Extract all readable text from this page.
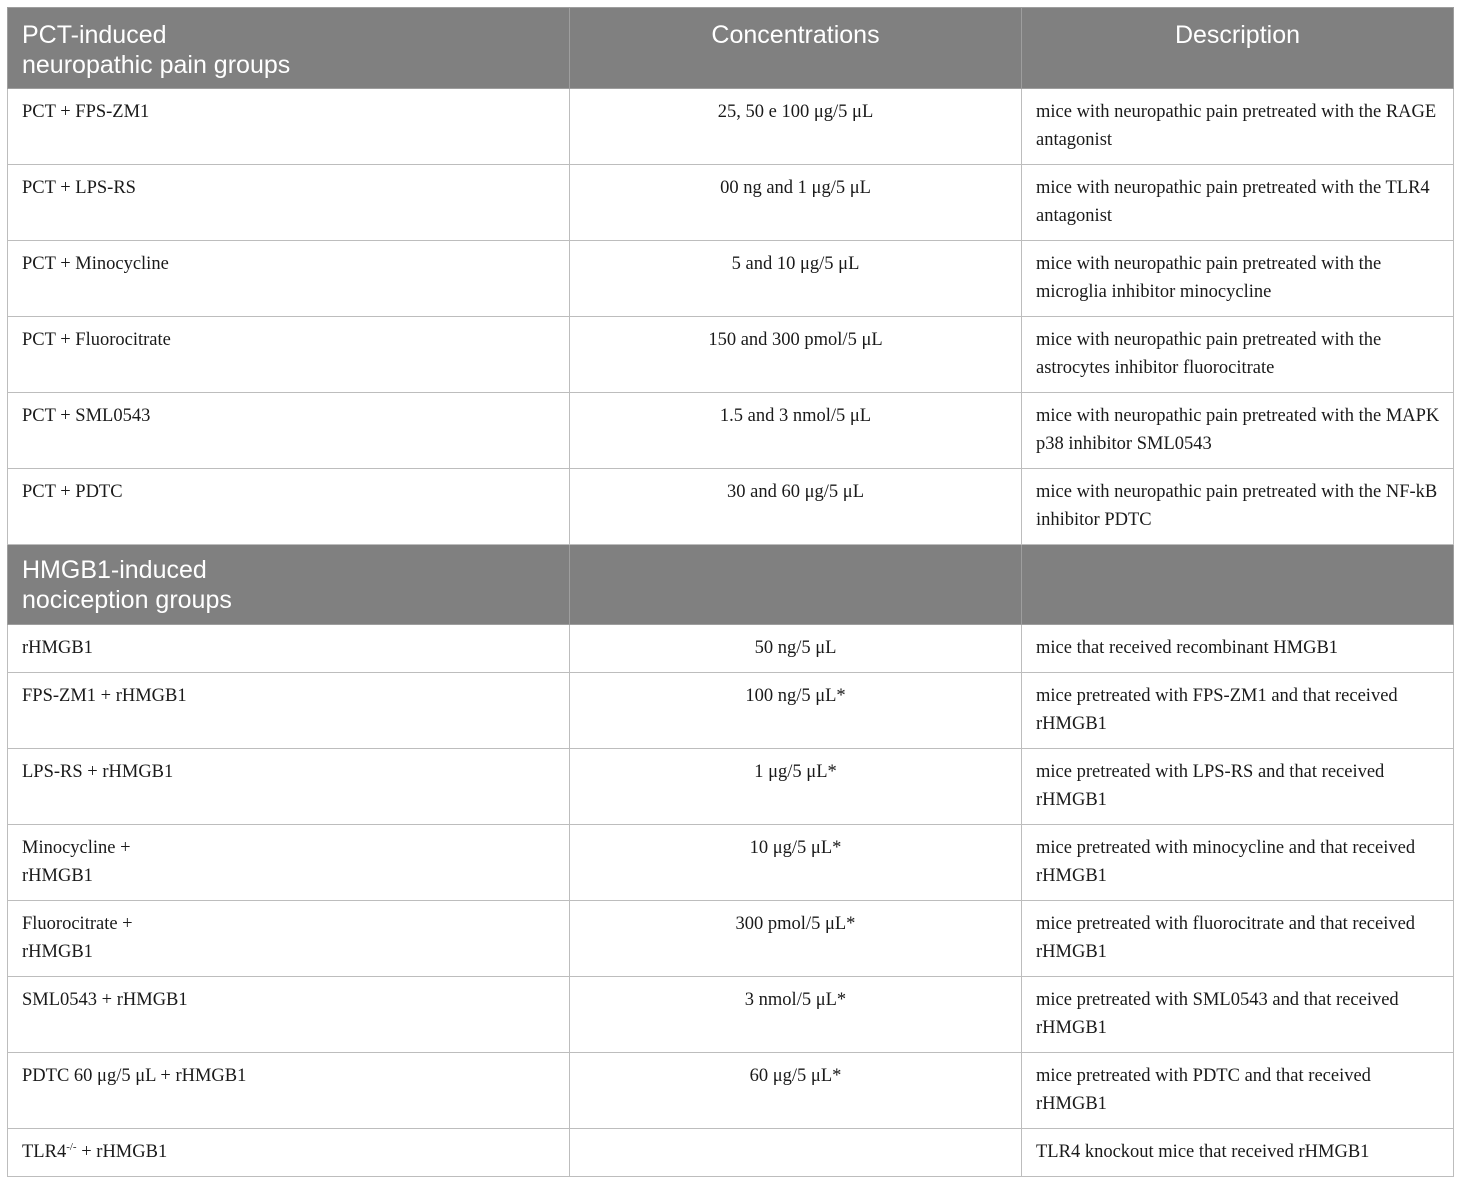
PCT-induced
neuropathic pain groups	Concentrations	Description
PCT + FPS-ZM1	25, 50 e 100 μg/5 μL	mice with neuropathic pain pretreated with the RAGE antagonist
PCT + LPS-RS	00 ng and 1 μg/5 μL	mice with neuropathic pain pretreated with the TLR4 antagonist
PCT + Minocycline	5 and 10 μg/5 μL	mice with neuropathic pain pretreated with the microglia inhibitor minocycline
PCT + Fluorocitrate	150 and 300 pmol/5 μL	mice with neuropathic pain pretreated with the astrocytes inhibitor fluorocitrate
PCT + SML0543	1.5 and 3 nmol/5 μL	mice with neuropathic pain pretreated with the MAPK p38 inhibitor SML0543
PCT + PDTC	30 and 60 μg/5 μL	mice with neuropathic pain pretreated with the NF-kB inhibitor PDTC
HMGB1-induced
nociception groups		
rHMGB1	50 ng/5 μL	mice that received recombinant HMGB1
FPS-ZM1 + rHMGB1	100 ng/5 μL*	mice pretreated with FPS-ZM1 and that received rHMGB1
LPS-RS + rHMGB1	1 μg/5 μL*	mice pretreated with LPS-RS and that received rHMGB1
Minocycline + rHMGB1	10 μg/5 μL*	mice pretreated with minocycline and that received rHMGB1
Fluorocitrate + rHMGB1	300 pmol/5 μL*	mice pretreated with fluorocitrate and that received rHMGB1
SML0543 + rHMGB1	3 nmol/5 μL*	mice pretreated with SML0543 and that received rHMGB1
PDTC 60 μg/5 μL + rHMGB1	60 μg/5 μL*	mice pretreated with PDTC and that received rHMGB1
TLR4-/- + rHMGB1		TLR4 knockout mice that received rHMGB1
